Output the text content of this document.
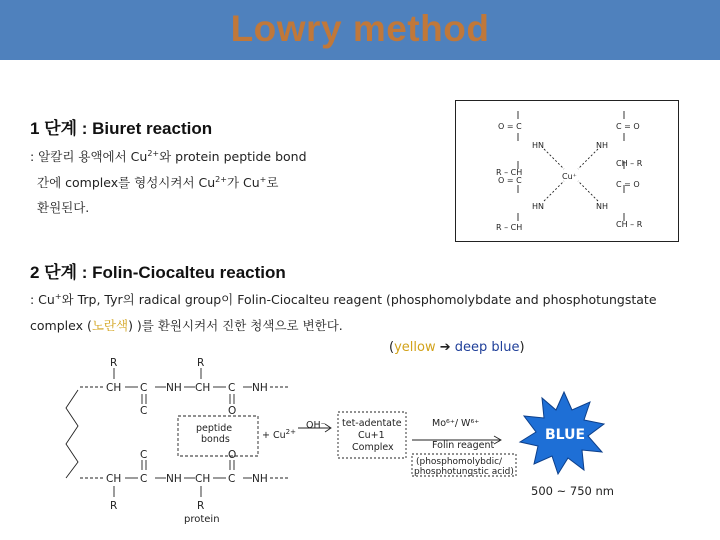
Lowry method
1 단계 : Biuret reaction
: 알칼리 용액에서 $Cu^{2+}$와 protein peptide bond
간에 complex를 형성시켜서 $Cu^{2+}$가 Cu+로
환원된다.
O = C
HN
R – CH
O = C
HN
R – CH
C = O
NH
CH – R
C = O
NH
CH – R
Cu⁺
2 단계 : Folin-Ciocalteu reaction
: Cu+와 Trp, Tyr의 radical group이 Folin-Ciocalteu reagent (phosphomolybdate and phosphotungstate
complex (노란색) )를 환원시켜서 진한 청색으로 변한다.
(yellow ➔ deep blue)
R	R
CH C NH CH C NH
C	O
C	O
CH C NH CH C NH
R	R
peptide
bonds	+ $Cu^{2+}$
OH⁻ tet-adentate
Cu+1
Complex
Mo⁶⁺/ W⁶⁺
Folin reagent
(phosphomolybdic/
phosphotungstic acid)
protein
BLUE
500 ~ 750 nm
